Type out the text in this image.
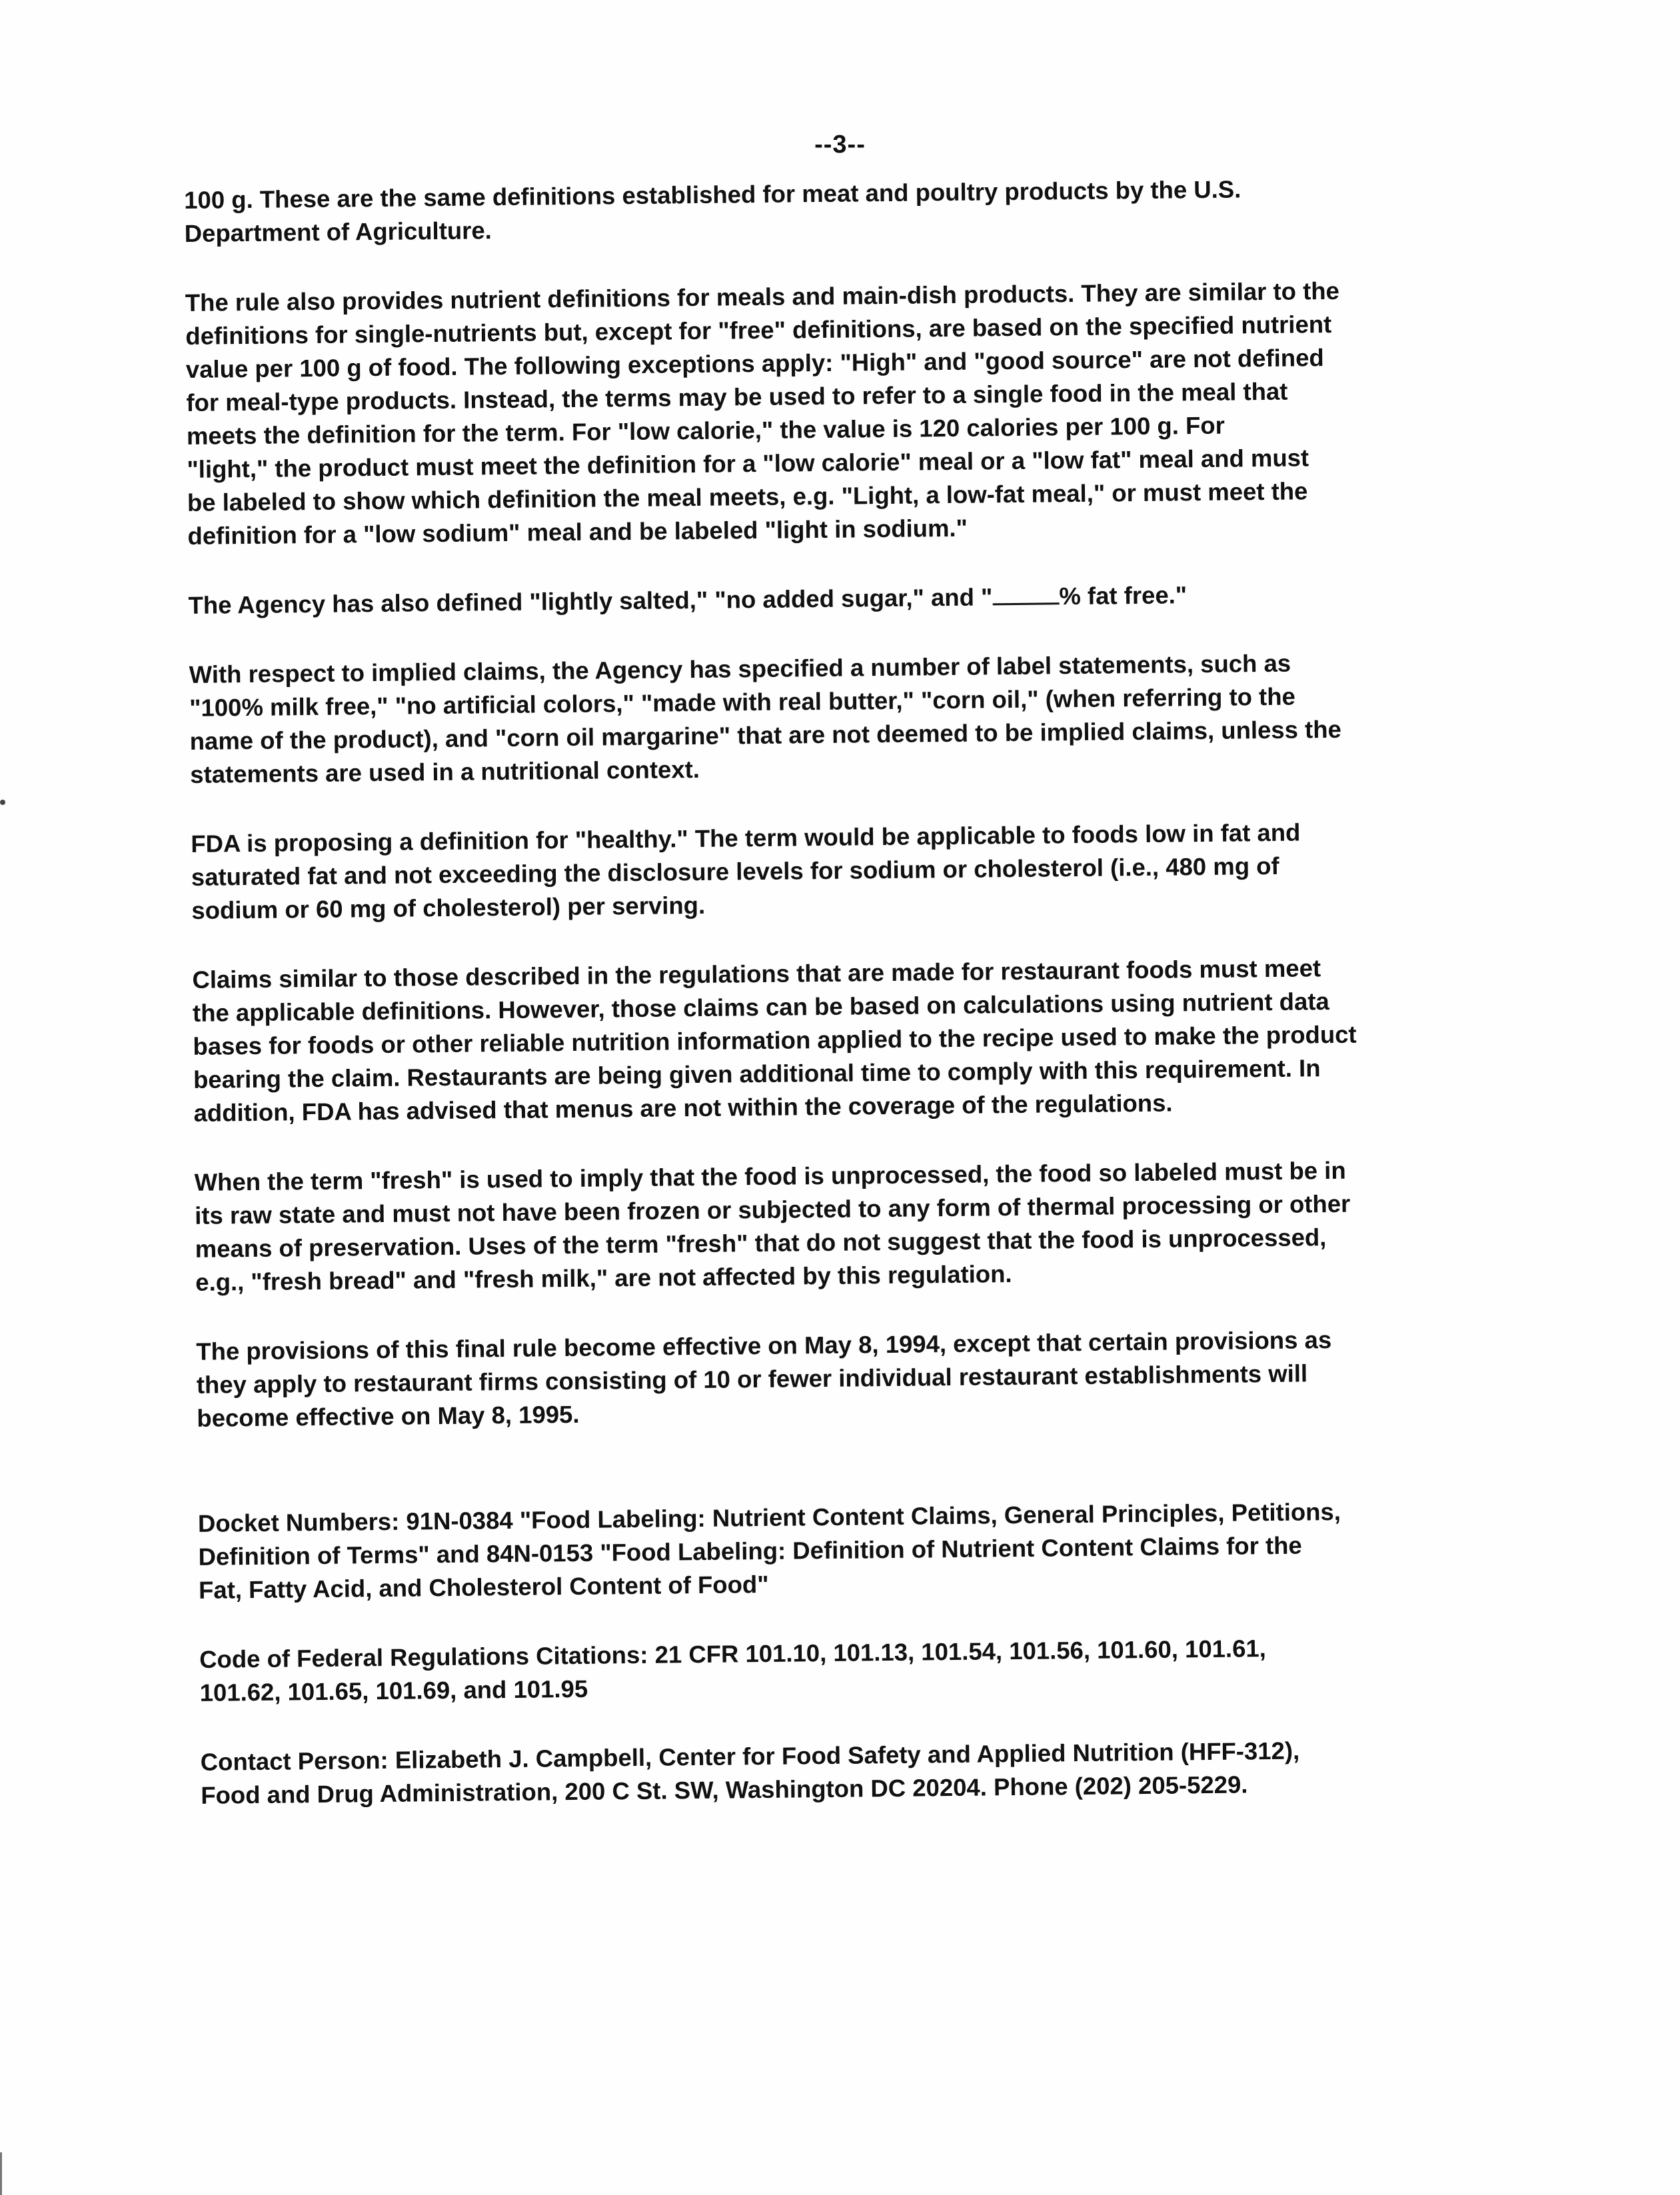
--3--

100 g. These are the same definitions established for meat and poultry products by the U.S.
Department of Agriculture.

The rule also provides nutrient definitions for meals and main-dish products. They are similar to the
definitions for single-nutrients but, except for "free" definitions, are based on the specified nutrient
value per 100 g of food. The following exceptions apply: "High" and "good source" are not defined
for meal-type products. Instead, the terms may be used to refer to a single food in the meal that
meets the definition for the term. For "low calorie," the value is 120 calories per 100 g. For
"light," the product must meet the definition for a "low calorie" meal or a "low fat" meal and must
be labeled to show which definition the meal meets, e.g. "Light, a low-fat meal," or must meet the
definition for a "low sodium" meal and be labeled "light in sodium."

The Agency has also defined "lightly salted," "no added sugar," and "	% fat free."

With respect to implied claims, the Agency has specified a number of label statements, such as
"100% milk free," "no artificial colors," "made with real butter," "corn oil," (when referring to the
name of the product), and "corn oil margarine" that are not deemed to be implied claims, unless the
statements are used in a nutritional context.

FDA is proposing a definition for "healthy." The term would be applicable to foods low in fat and
saturated fat and not exceeding the disclosure levels for sodium or cholesterol (i.e., 480 mg of
sodium or 60 mg of cholesterol) per serving.

Claims similar to those described in the regulations that are made for restaurant foods must meet
the applicable definitions. However, those claims can be based on calculations using nutrient data
bases for foods or other reliable nutrition information applied to the recipe used to make the product
bearing the claim. Restaurants are being given additional time to comply with this requirement. In
addition, FDA has advised that menus are not within the coverage of the regulations.

When the term "fresh" is used to imply that the food is unprocessed, the food so labeled must be in
its raw state and must not have been frozen or subjected to any form of thermal processing or other
means of preservation. Uses of the term "fresh" that do not suggest that the food is unprocessed,
e.g., "fresh bread" and "fresh milk," are not affected by this regulation.

The provisions of this final rule become effective on May 8, 1994, except that certain provisions as
they apply to restaurant firms consisting of 10 or fewer individual restaurant establishments will
become effective on May 8, 1995.

Docket Numbers: 91N-0384 "Food Labeling: Nutrient Content Claims, General Principles, Petitions,
Definition of Terms" and 84N-0153 "Food Labeling: Definition of Nutrient Content Claims for the
Fat, Fatty Acid, and Cholesterol Content of Food"

Code of Federal Regulations Citations: 21 CFR 101.10, 101.13, 101.54, 101.56, 101.60, 101.61,
101.62, 101.65, 101.69, and 101.95

Contact Person: Elizabeth J. Campbell, Center for Food Safety and Applied Nutrition (HFF-312),
Food and Drug Administration, 200 C St. SW, Washington DC 20204. Phone (202) 205-5229.
